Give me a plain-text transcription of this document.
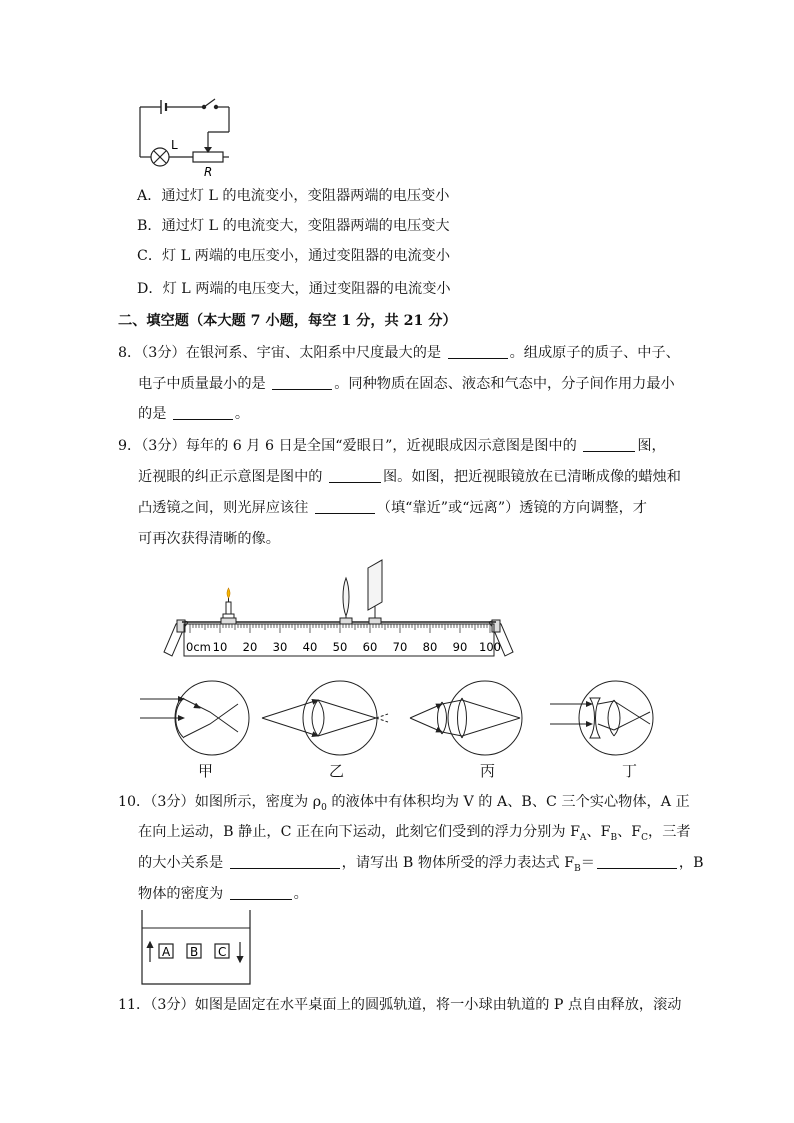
L
R
A．通过灯 L 的电流变小，变阻器两端的电压变小
B．通过灯 L 的电流变大，变阻器两端的电压变大
C．灯 L 两端的电压变小，通过变阻器的电流变小
D．灯 L 两端的电压变大，通过变阻器的电流变小
二、填空题（本大题 7 小题，每空 1 分，共 21 分）
8．（3分）在银河系、宇宙、太阳系中尺度最大的是	。组成原子的质子、中子、
电子中质量最小的是	。同种物质在固态、液态和气态中，分子间作用力最小
的是	。
9．（3分）每年的 6 月 6 日是全国“爱眼日”，近视眼成因示意图是图中的	图，
近视眼的纠正示意图是图中的	图。如图，把近视眼镜放在已清晰成像的蜡烛和
凸透镜之间，则光屏应该往	（填“靠近”或“远离”）透镜的方向调整，才
可再次获得清晰的像。
0cm 10 20 30 40 50 60 70 80 90 100
甲	乙	丙	丁
10．（3分）如图所示，密度为 $\rho_0$ 的液体中有体积均为 V 的 A、B、C 三个实心物体，A 正
在向上运动，B 静止，C 正在向下运动，此刻它们受到的浮力分别为 $F_A$、$F_B$、$F_C$，三者
的大小关系是	，请写出 B 物体所受的浮力表达式 $F_B=$	，B
物体的密度为	。
A B C
11．（3分）如图是固定在水平桌面上的圆弧轨道，将一小球由轨道的 P 点自由释放，滚动
